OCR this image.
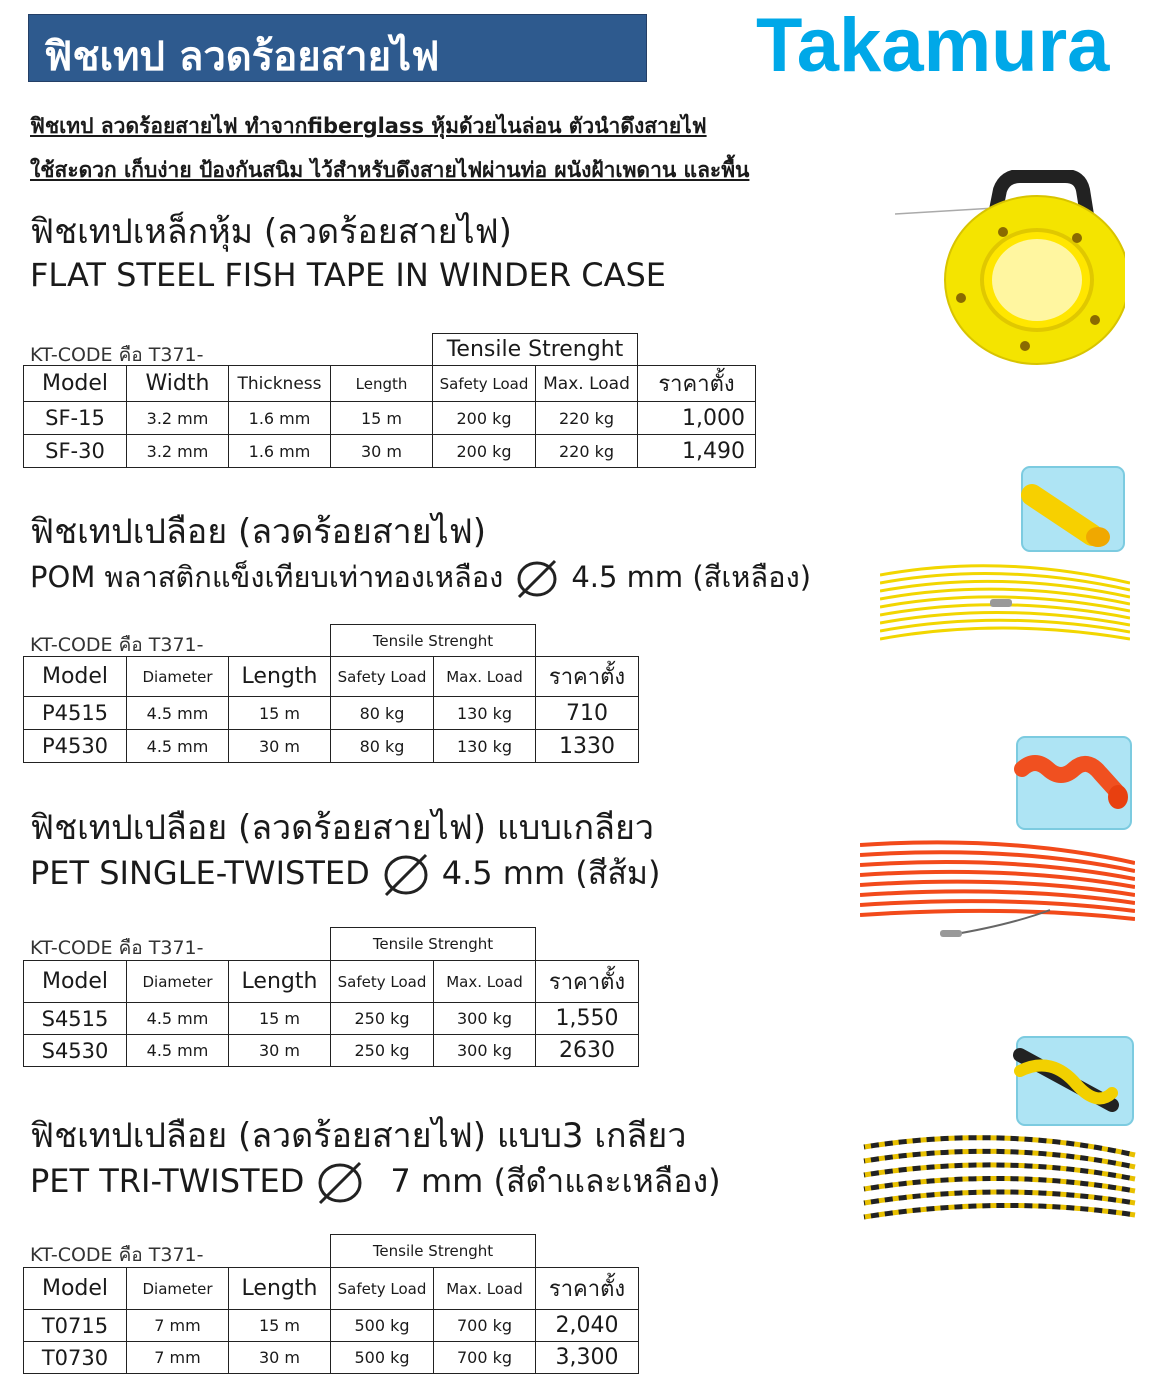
ฟิชเทป ลวดร้อยสายไฟ	Takamura
ฟิชเทป ลวดร้อยสายไฟ ทำจากfiberglass หุ้มด้วยไนล่อน ตัวนำดึงสายไฟ
ใช้สะดวก เก็บง่าย ป้องกันสนิม ไว้สำหรับดึงสายไฟผ่านท่อ ผนังฝ้าเพดาน และพื้น
ฟิชเทปเหล็กหุ้ม (ลวดร้อยสายไฟ)
FLAT STEEL FISH TAPE IN WINDER CASE
KT-CODE คือ T371-
					Tensile Strenght		
Model	Width	Thickness	Length	Safety Load	Max. Load	ราคาตั้ง
SF-15	3.2 mm	1.6 mm	15 m	200 kg	220 kg	1,000
SF-30	3.2 mm	1.6 mm	30 m	200 kg	220 kg	1,490
ฟิชเทปเปลือย (ลวดร้อยสายไฟ)
POM พลาสติกแข็งเทียบเท่าทองเหลือง 4.5 mm (สีเหลือง)
KT-CODE คือ T371-
				Tensile Strenght		
Model	Diameter	Length	Safety Load	Max. Load	ราคาตั้ง
P4515	4.5 mm	15 m	80 kg	130 kg	710
P4530	4.5 mm	30 m	80 kg	130 kg	1330
ฟิชเทปเปลือย (ลวดร้อยสายไฟ) แบบเกลียว
PET SINGLE-TWISTED 4.5 mm (สีส้ม)
KT-CODE คือ T371-
				Tensile Strenght		
Model	Diameter	Length	Safety Load	Max. Load	ราคาตั้ง
S4515	4.5 mm	15 m	250 kg	300 kg	1,550
S4530	4.5 mm	30 m	250 kg	300 kg	2630
ฟิชเทปเปลือย (ลวดร้อยสายไฟ) แบบ3 เกลียว
PET TRI-TWISTED	7 mm (สีดำและเหลือง)
KT-CODE คือ T371-
				Tensile Strenght		
Model	Diameter	Length	Safety Load	Max. Load	ราคาตั้ง
T0715	7 mm	15 m	500 kg	700 kg	2,040
T0730	7 mm	30 m	500 kg	700 kg	3,300
